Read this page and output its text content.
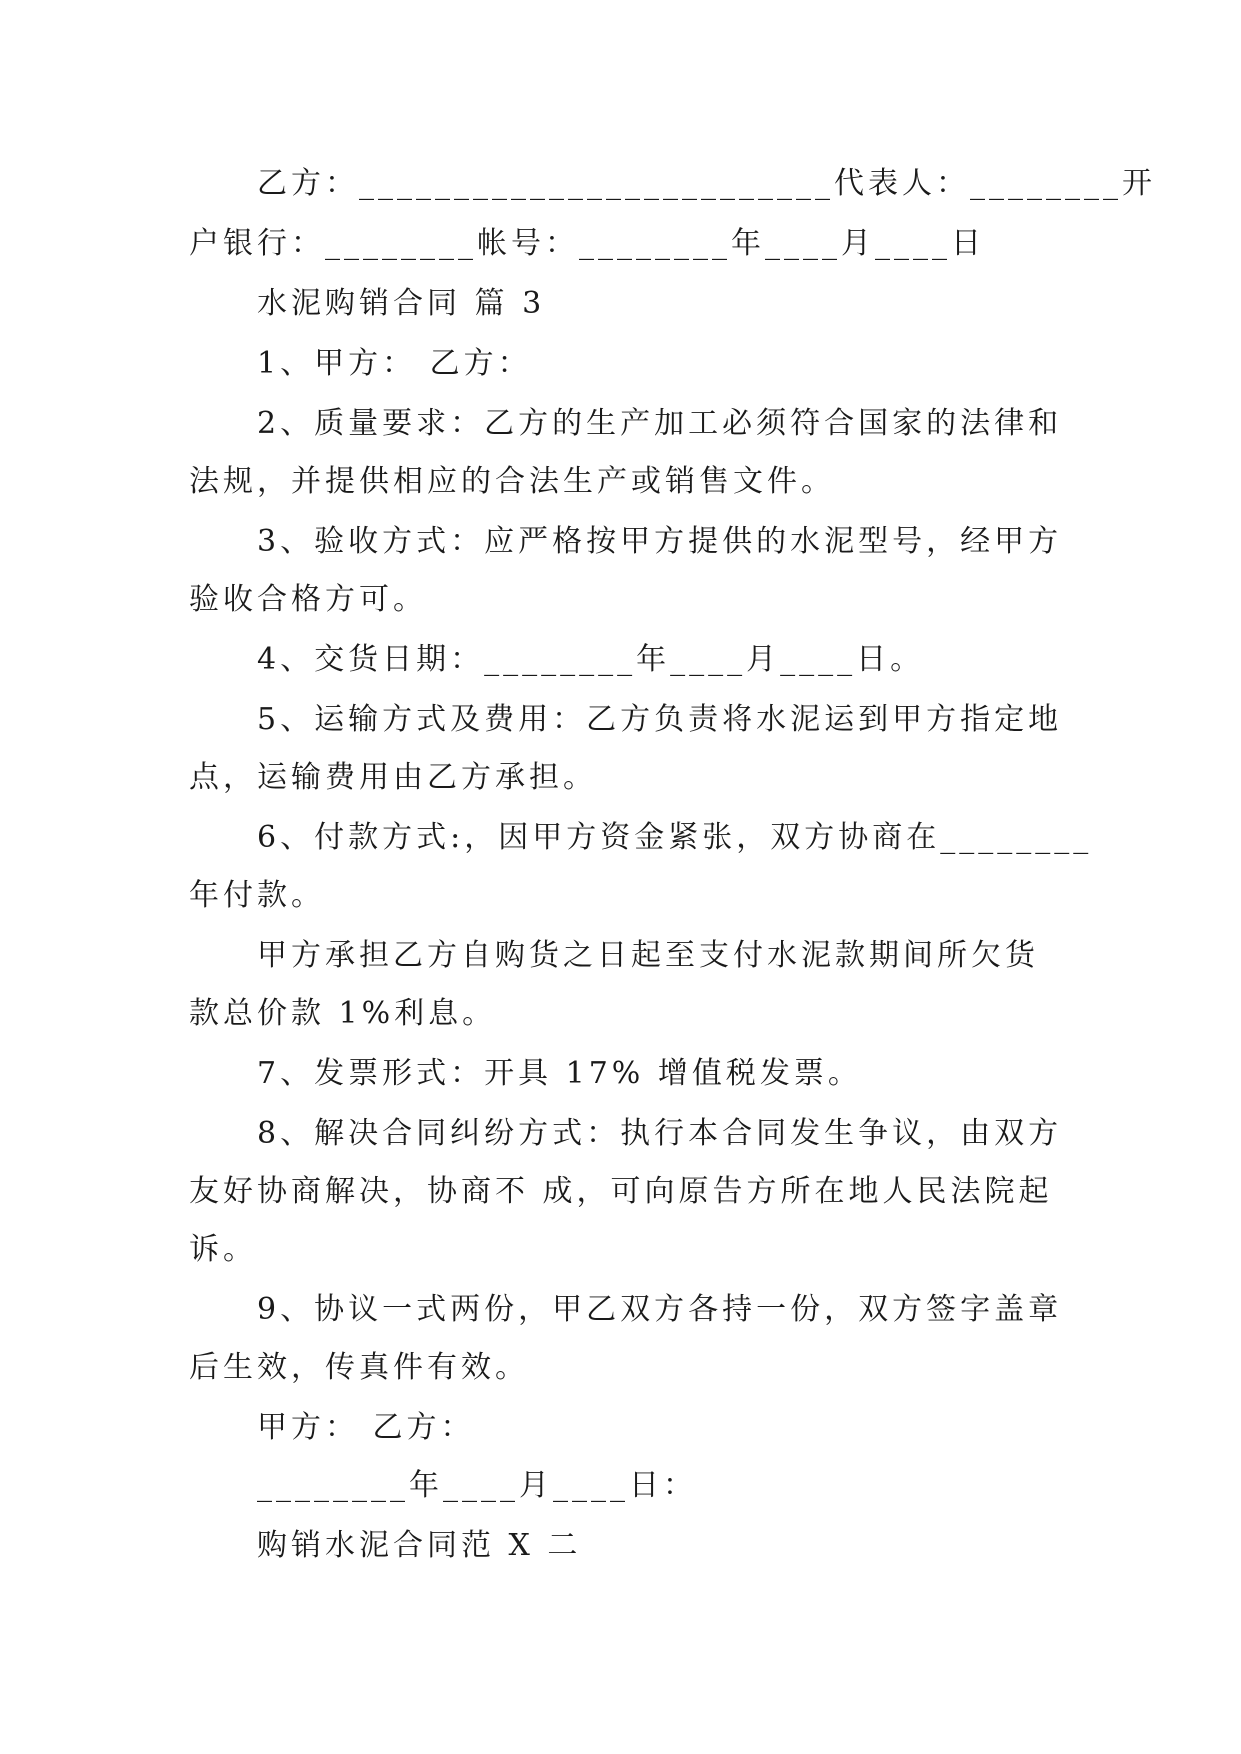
乙方：_________________________代表人：________开
户银行：________帐号：________年____月____日
水泥购销合同 篇 3
1、甲方： 乙方：
2、质量要求：乙方的生产加工必须符合国家的法律和
法规，并提供相应的合法生产或销售文件。
3、验收方式：应严格按甲方提供的水泥型号，经甲方
验收合格方可。
4、交货日期：________年____月____日。
5、运输方式及费用：乙方负责将水泥运到甲方指定地
点，运输费用由乙方承担。
6、付款方式:，因甲方资金紧张，双方协商在________
年付款。
甲方承担乙方自购货之日起至支付水泥款期间所欠货
款总价款 1%利息。
7、发票形式：开具 17% 增值税发票。
8、解决合同纠纷方式：执行本合同发生争议，由双方
友好协商解决，协商不 成，可向原告方所在地人民法院起
诉。
9、协议一式两份，甲乙双方各持一份，双方签字盖章
后生效，传真件有效。
甲方： 乙方：
________年____月____日：
购销水泥合同范 X 二
